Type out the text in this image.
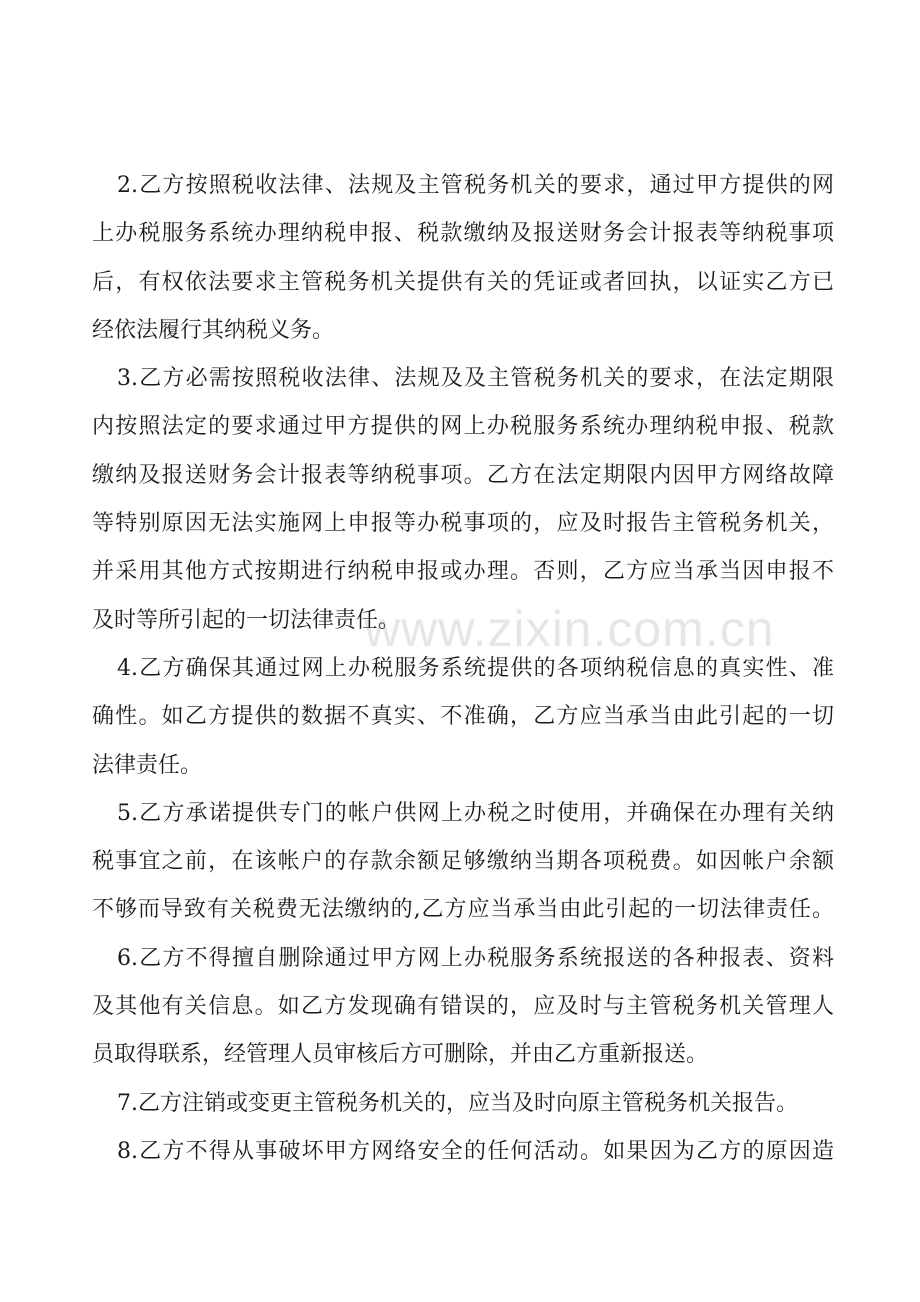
www.zixin.com.cn
2.乙方按照税收法律、法规及主管税务机关的要求，通过甲方提供的网
上办税服务系统办理纳税申报、税款缴纳及报送财务会计报表等纳税事项
后，有权依法要求主管税务机关提供有关的凭证或者回执，以证实乙方已
经依法履行其纳税义务。
3.乙方必需按照税收法律、法规及及主管税务机关的要求，在法定期限
内按照法定的要求通过甲方提供的网上办税服务系统办理纳税申报、税款
缴纳及报送财务会计报表等纳税事项。乙方在法定期限内因甲方网络故障
等特别原因无法实施网上申报等办税事项的，应及时报告主管税务机关，
并采用其他方式按期进行纳税申报或办理。否则，乙方应当承当因申报不
及时等所引起的一切法律责任。
4.乙方确保其通过网上办税服务系统提供的各项纳税信息的真实性、准
确性。如乙方提供的数据不真实、不准确，乙方应当承当由此引起的一切
法律责任。
5.乙方承诺提供专门的帐户供网上办税之时使用，并确保在办理有关纳
税事宜之前，在该帐户的存款余额足够缴纳当期各项税费。如因帐户余额
不够而导致有关税费无法缴纳的,乙方应当承当由此引起的一切法律责任。
6.乙方不得擅自删除通过甲方网上办税服务系统报送的各种报表、资料
及其他有关信息。如乙方发现确有错误的，应及时与主管税务机关管理人
员取得联系，经管理人员审核后方可删除，并由乙方重新报送。
7.乙方注销或变更主管税务机关的，应当及时向原主管税务机关报告。
8.乙方不得从事破坏甲方网络安全的任何活动。如果因为乙方的原因造
